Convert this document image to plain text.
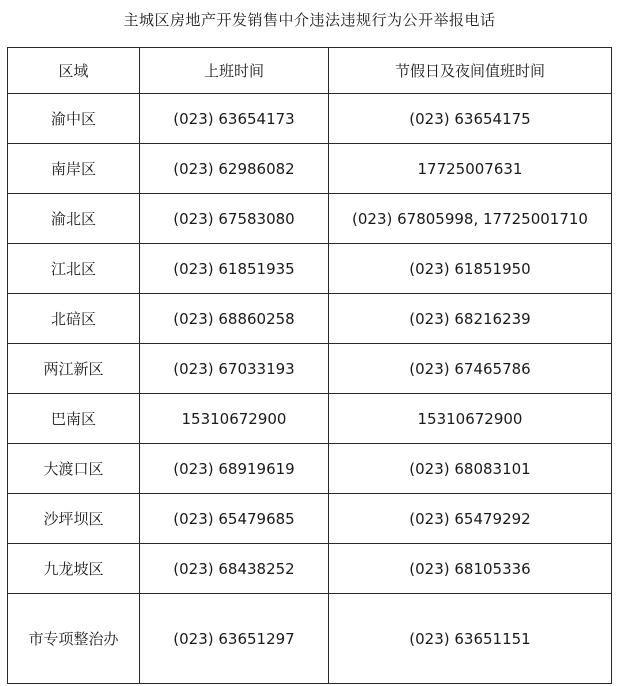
主城区房地产开发销售中介违法违规行为公开举报电话
区域	上班时间	节假日及夜间值班时间
渝中区	(023) 63654173	(023) 63654175
南岸区	(023) 62986082	17725007631
渝北区	(023) 67583080	(023) 67805998, 17725001710
江北区	(023) 61851935	(023) 61851950
北碚区	(023) 68860258	(023) 68216239
两江新区	(023) 67033193	(023) 67465786
巴南区	15310672900	15310672900
大渡口区	(023) 68919619	(023) 68083101
沙坪坝区	(023) 65479685	(023) 65479292
九龙坡区	(023) 68438252	(023) 68105336
市专项整治办	(023) 63651297	(023) 63651151
